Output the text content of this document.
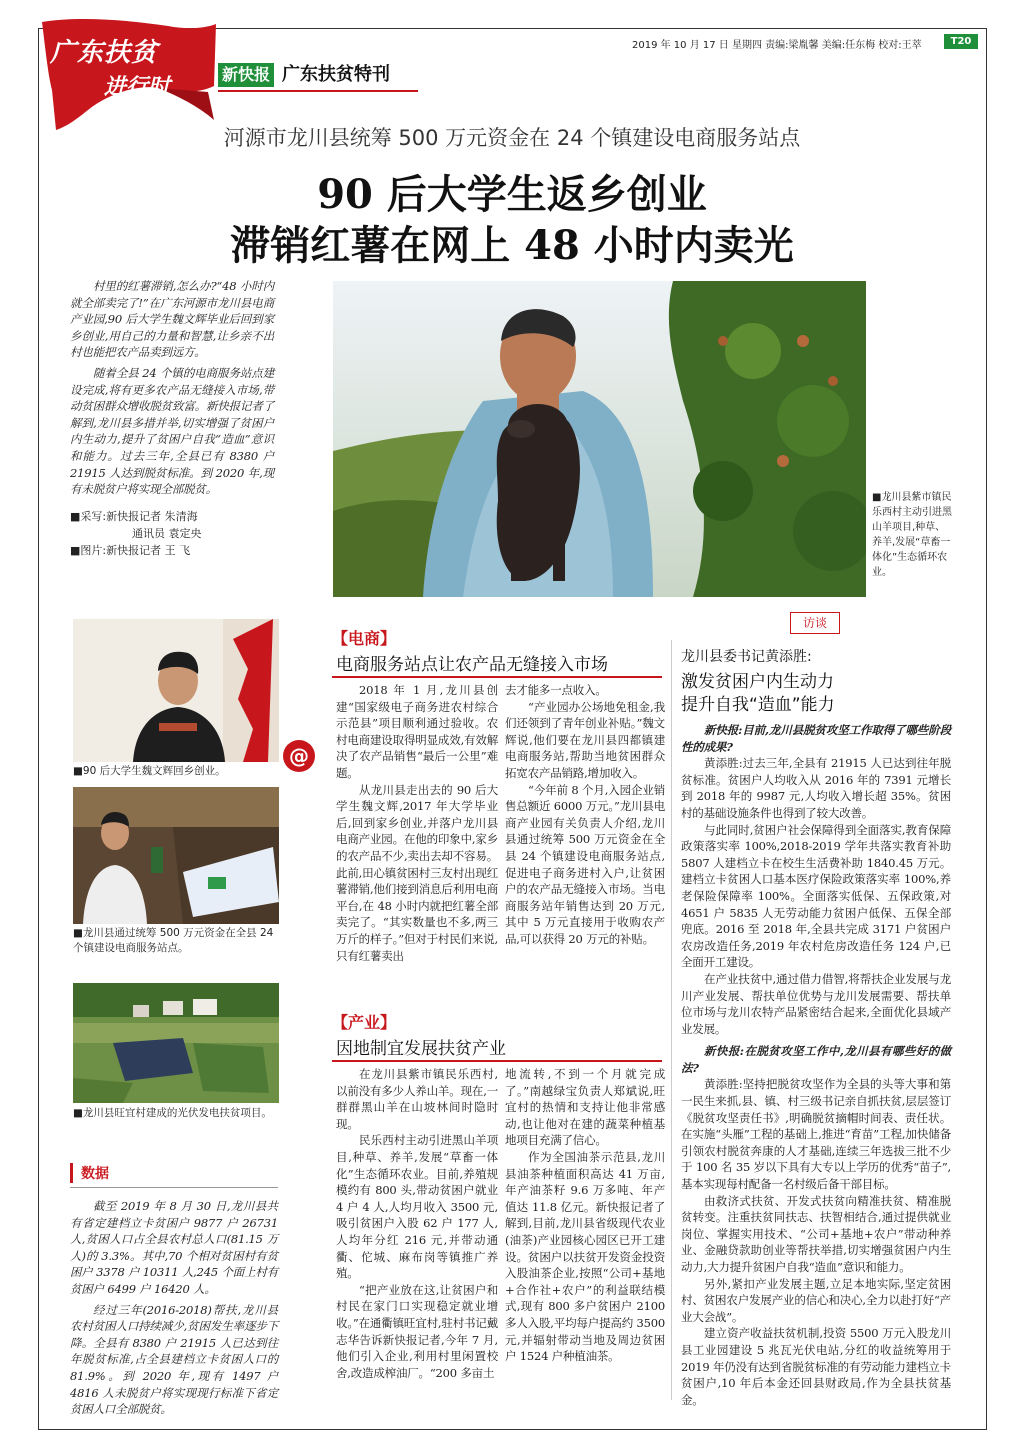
广东扶贫
进行时	新快报 广东扶贫特刊
2019 年 10 月 17 日 星期四 责编:梁胤馨 美编:任东梅 校对:王萃	T20
河源市龙川县统筹 500 万元资金在 24 个镇建设电商服务站点
90 后大学生返乡创业
滞销红薯在网上 48 小时内卖光

村里的红薯滞销,怎么办?“48 小时内就全部卖完了!”在广东河源市龙川县电商产业园,90 后大学生魏文辉毕业后回到家乡创业,用自己的力量和智慧,让乡亲不出村也能把农产品卖到远方。

随着全县 24 个镇的电商服务站点建设完成,将有更多农产品无缝接入市场,带动贫困群众增收脱贫致富。新快报记者了解到,龙川县多措并举,切实增强了贫困户内生动力,提升了贫困户自我“造血”意识和能力。过去三年,全县已有 8380 户 21915 人达到脱贫标准。到 2020 年,现有未脱贫户将实现全部脱贫。

■采写:新快报记者 朱清海
通讯员 袁定央
■图片:新快报记者 王 飞
■龙川县紫市镇民乐西村主动引进黑山羊项目,种草、养羊,发展“草畜一体化”生态循环农业。
■90 后大学生魏文辉回乡创业。
■龙川县通过统筹 500 万元资金在全县 24 个镇建设电商服务站点。
■龙川县旺宜村建成的光伏发电扶贫项目。
@
数据

截至 2019 年 8 月 30 日,龙川县共有省定建档立卡贫困户 9877 户 26731 人,贫困人口占全县农村总人口(81.15 万人)的 3.3%。其中,70 个相对贫困村有贫困户 3378 户 10311 人,245 个面上村有贫困户 6499 户 16420 人。

经过三年(2016-2018)帮扶,龙川县农村贫困人口持续减少,贫困发生率逐步下降。全县有 8380 户 21915 人已达到往年脱贫标准,占全县建档立卡贫困人口的 81.9%。到 2020 年,现有 1497 户 4816 人未脱贫户将实现现行标准下省定贫困人口全部脱贫。

【电商】
电商服务站点让农产品无缝接入市场

2018 年 1 月,龙川县创建“国家级电子商务进农村综合示范县”项目顺利通过验收。农村电商建设取得明显成效,有效解决了农产品销售“最后一公里”难题。

从龙川县走出去的 90 后大学生魏文辉,2017 年大学毕业后,回到家乡创业,并落户龙川县电商产业园。在他的印象中,家乡的农产品不少,卖出去却不容易。此前,田心镇贫困村三友村出现红薯滞销,他们接到消息后利用电商平台,在 48 小时内就把红薯全部卖完了。“其实数量也不多,两三万斤的样子。”但对于村民们来说,只有红薯卖出

去才能多一点收入。

“产业园办公场地免租金,我们还领到了青年创业补贴。”魏文辉说,他们要在龙川县四都镇建电商服务站,帮助当地贫困群众拓宽农产品销路,增加收入。

“今年前 8 个月,入园企业销售总额近 6000 万元。”龙川县电商产业园有关负责人介绍,龙川县通过统筹 500 万元资金在全县 24 个镇建设电商服务站点,促进电子商务进村入户,让贫困户的农产品无缝接入市场。当电商服务站年销售达到 20 万元,其中 5 万元直接用于收购农产品,可以获得 20 万元的补贴。

【产业】
因地制宜发展扶贫产业

在龙川县紫市镇民乐西村,以前没有多少人养山羊。现在,一群群黑山羊在山坡林间时隐时现。

民乐西村主动引进黑山羊项目,种草、养羊,发展“草畜一体化”生态循环农业。目前,养殖规模约有 800 头,带动贫困户就业 4 户 4 人,人均月收入 3500 元,吸引贫困户入股 62 户 177 人,人均年分红 216 元,并带动通衢、佗城、麻布岗等镇推广养殖。

“把产业放在这,让贫困户和村民在家门口实现稳定就业增收。”在通衢镇旺宜村,驻村书记戴志华告诉新快报记者,今年 7 月,他们引入企业,利用村里闲置校舍,改造成榨油厂。“200 多亩土

地流转,不到一个月就完成了。”南越绿宝负责人郑斌说,旺宜村的热情和支持让他非常感动,也让他对在建的蔬菜种植基地项目充满了信心。

作为全国油茶示范县,龙川县油茶种植面积高达 41 万亩,年产油茶籽 9.6 万多吨、年产值达 11.8 亿元。新快报记者了解到,目前,龙川县省级现代农业(油茶)产业园核心园区已开工建设。贫困户以扶贫开发资金投资入股油茶企业,按照“公司+基地+合作社+农户”的利益联结模式,现有 800 多户贫困户 2100 多人入股,平均每户提高约 3500 元,并辐射带动当地及周边贫困户 1524 户种植油茶。

访谈
龙川县委书记黄添胜:
激发贫困户内生动力
提升自我“造血”能力

新快报:目前,龙川县脱贫攻坚工作取得了哪些阶段性的成果?

黄添胜:过去三年,全县有 21915 人已达到往年脱贫标准。贫困户人均收入从 2016 年的 7391 元增长到 2018 年的 9987 元,人均收入增长超 35%。贫困村的基础设施条件也得到了较大改善。

与此同时,贫困户社会保障得到全面落实,教育保障政策落实率 100%,2018-2019 学年共落实教育补助 5807 人建档立卡在校生生活费补助 1840.45 万元。建档立卡贫困人口基本医疗保险政策落实率 100%,养老保险保障率 100%。全面落实低保、五保政策,对 4651 户 5835 人无劳动能力贫困户低保、五保全部兜底。2016 至 2018 年,全县共完成 3171 户贫困户农房改造任务,2019 年农村危房改造任务 124 户,已全面开工建设。

在产业扶贫中,通过借力借智,将帮扶企业发展与龙川产业发展、帮扶单位优势与龙川发展需要、帮扶单位市场与龙川农特产品紧密结合起来,全面优化县域产业发展。

新快报:在脱贫攻坚工作中,龙川县有哪些好的做法?

黄添胜:坚持把脱贫攻坚作为全县的头等大事和第一民生来抓,县、镇、村三级书记亲自抓扶贫,层层签订《脱贫攻坚责任书》,明确脱贫摘帽时间表、责任状。在实施“头雁”工程的基础上,推进“育苗”工程,加快储备引领农村脱贫奔康的人才基础,连续三年选拔三批不少于 100 名 35 岁以下具有大专以上学历的优秀“苗子”,基本实现每村配备一名村级后备干部目标。

由救济式扶贫、开发式扶贫向精准扶贫、精准脱贫转变。注重扶贫同扶志、扶智相结合,通过提供就业岗位、掌握实用技术、“公司+基地+农户”带动种养业、金融贷款助创业等帮扶举措,切实增强贫困户内生动力,大力提升贫困户自我“造血”意识和能力。

另外,紧扣产业发展主题,立足本地实际,坚定贫困村、贫困农户发展产业的信心和决心,全力以赴打好“产业大会战”。

建立资产收益扶贫机制,投资 5500 万元入股龙川县工业园建设 5 兆瓦光伏电站,分红的收益统筹用于 2019 年仍没有达到省脱贫标准的有劳动能力建档立卡贫困户,10 年后本金还回县财政局,作为全县扶贫基金。
